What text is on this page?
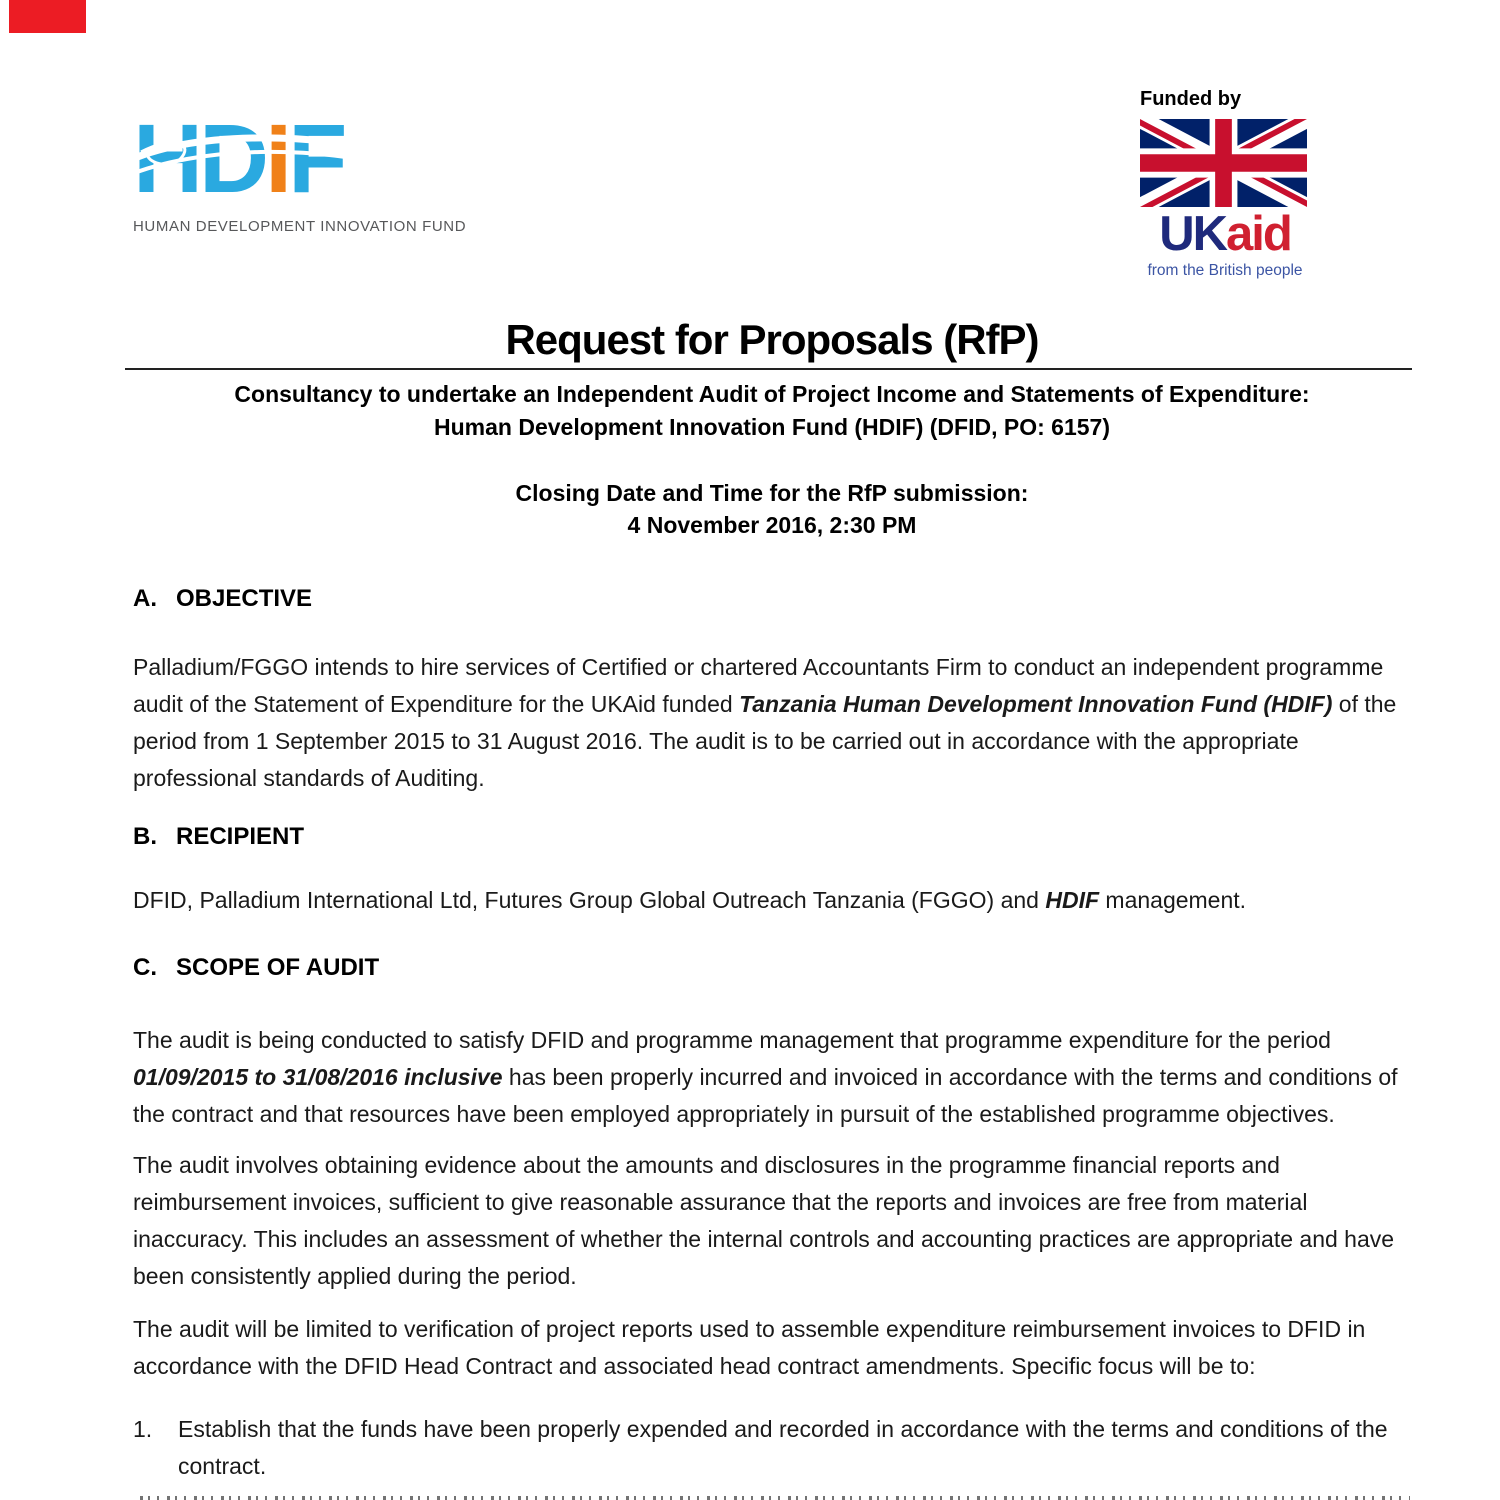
HDIF
HUMAN DEVELOPMENT INNOVATION FUND
Funded by
UKaid
from the British people
Request for Proposals (RfP)
Consultancy to undertake an Independent Audit of Project Income and Statements of Expenditure:
Human Development Innovation Fund (HDIF) (DFID, PO: 6157)
Closing Date and Time for the RfP submission:
4 November 2016, 2:30 PM
A. OBJECTIVE

Palladium/FGGO intends to hire services of Certified or chartered Accountants Firm to conduct an independent programme audit of the Statement of Expenditure for the UKAid funded Tanzania Human Development Innovation Fund (HDIF) of the period from 1 September 2015 to 31 August 2016. The audit is to be carried out in accordance with the appropriate professional standards of Auditing.

B. RECIPIENT

DFID, Palladium International Ltd, Futures Group Global Outreach Tanzania (FGGO) and HDIF management.

C. SCOPE OF AUDIT

The audit is being conducted to satisfy DFID and programme management that programme expenditure for the period 01/09/2015 to 31/08/2016 inclusive has been properly incurred and invoiced in accordance with the terms and conditions of the contract and that resources have been employed appropriately in pursuit of the established programme objectives.

The audit involves obtaining evidence about the amounts and disclosures in the programme financial reports and reimbursement invoices, sufficient to give reasonable assurance that the reports and invoices are free from material inaccuracy. This includes an assessment of whether the internal controls and accounting practices are appropriate and have been consistently applied during the period.

The audit will be limited to verification of project reports used to assemble expenditure reimbursement invoices to DFID in accordance with the DFID Head Contract and associated head contract amendments. Specific focus will be to:

1.	Establish that the funds have been properly expended and recorded in accordance with the terms and conditions of the contract.
